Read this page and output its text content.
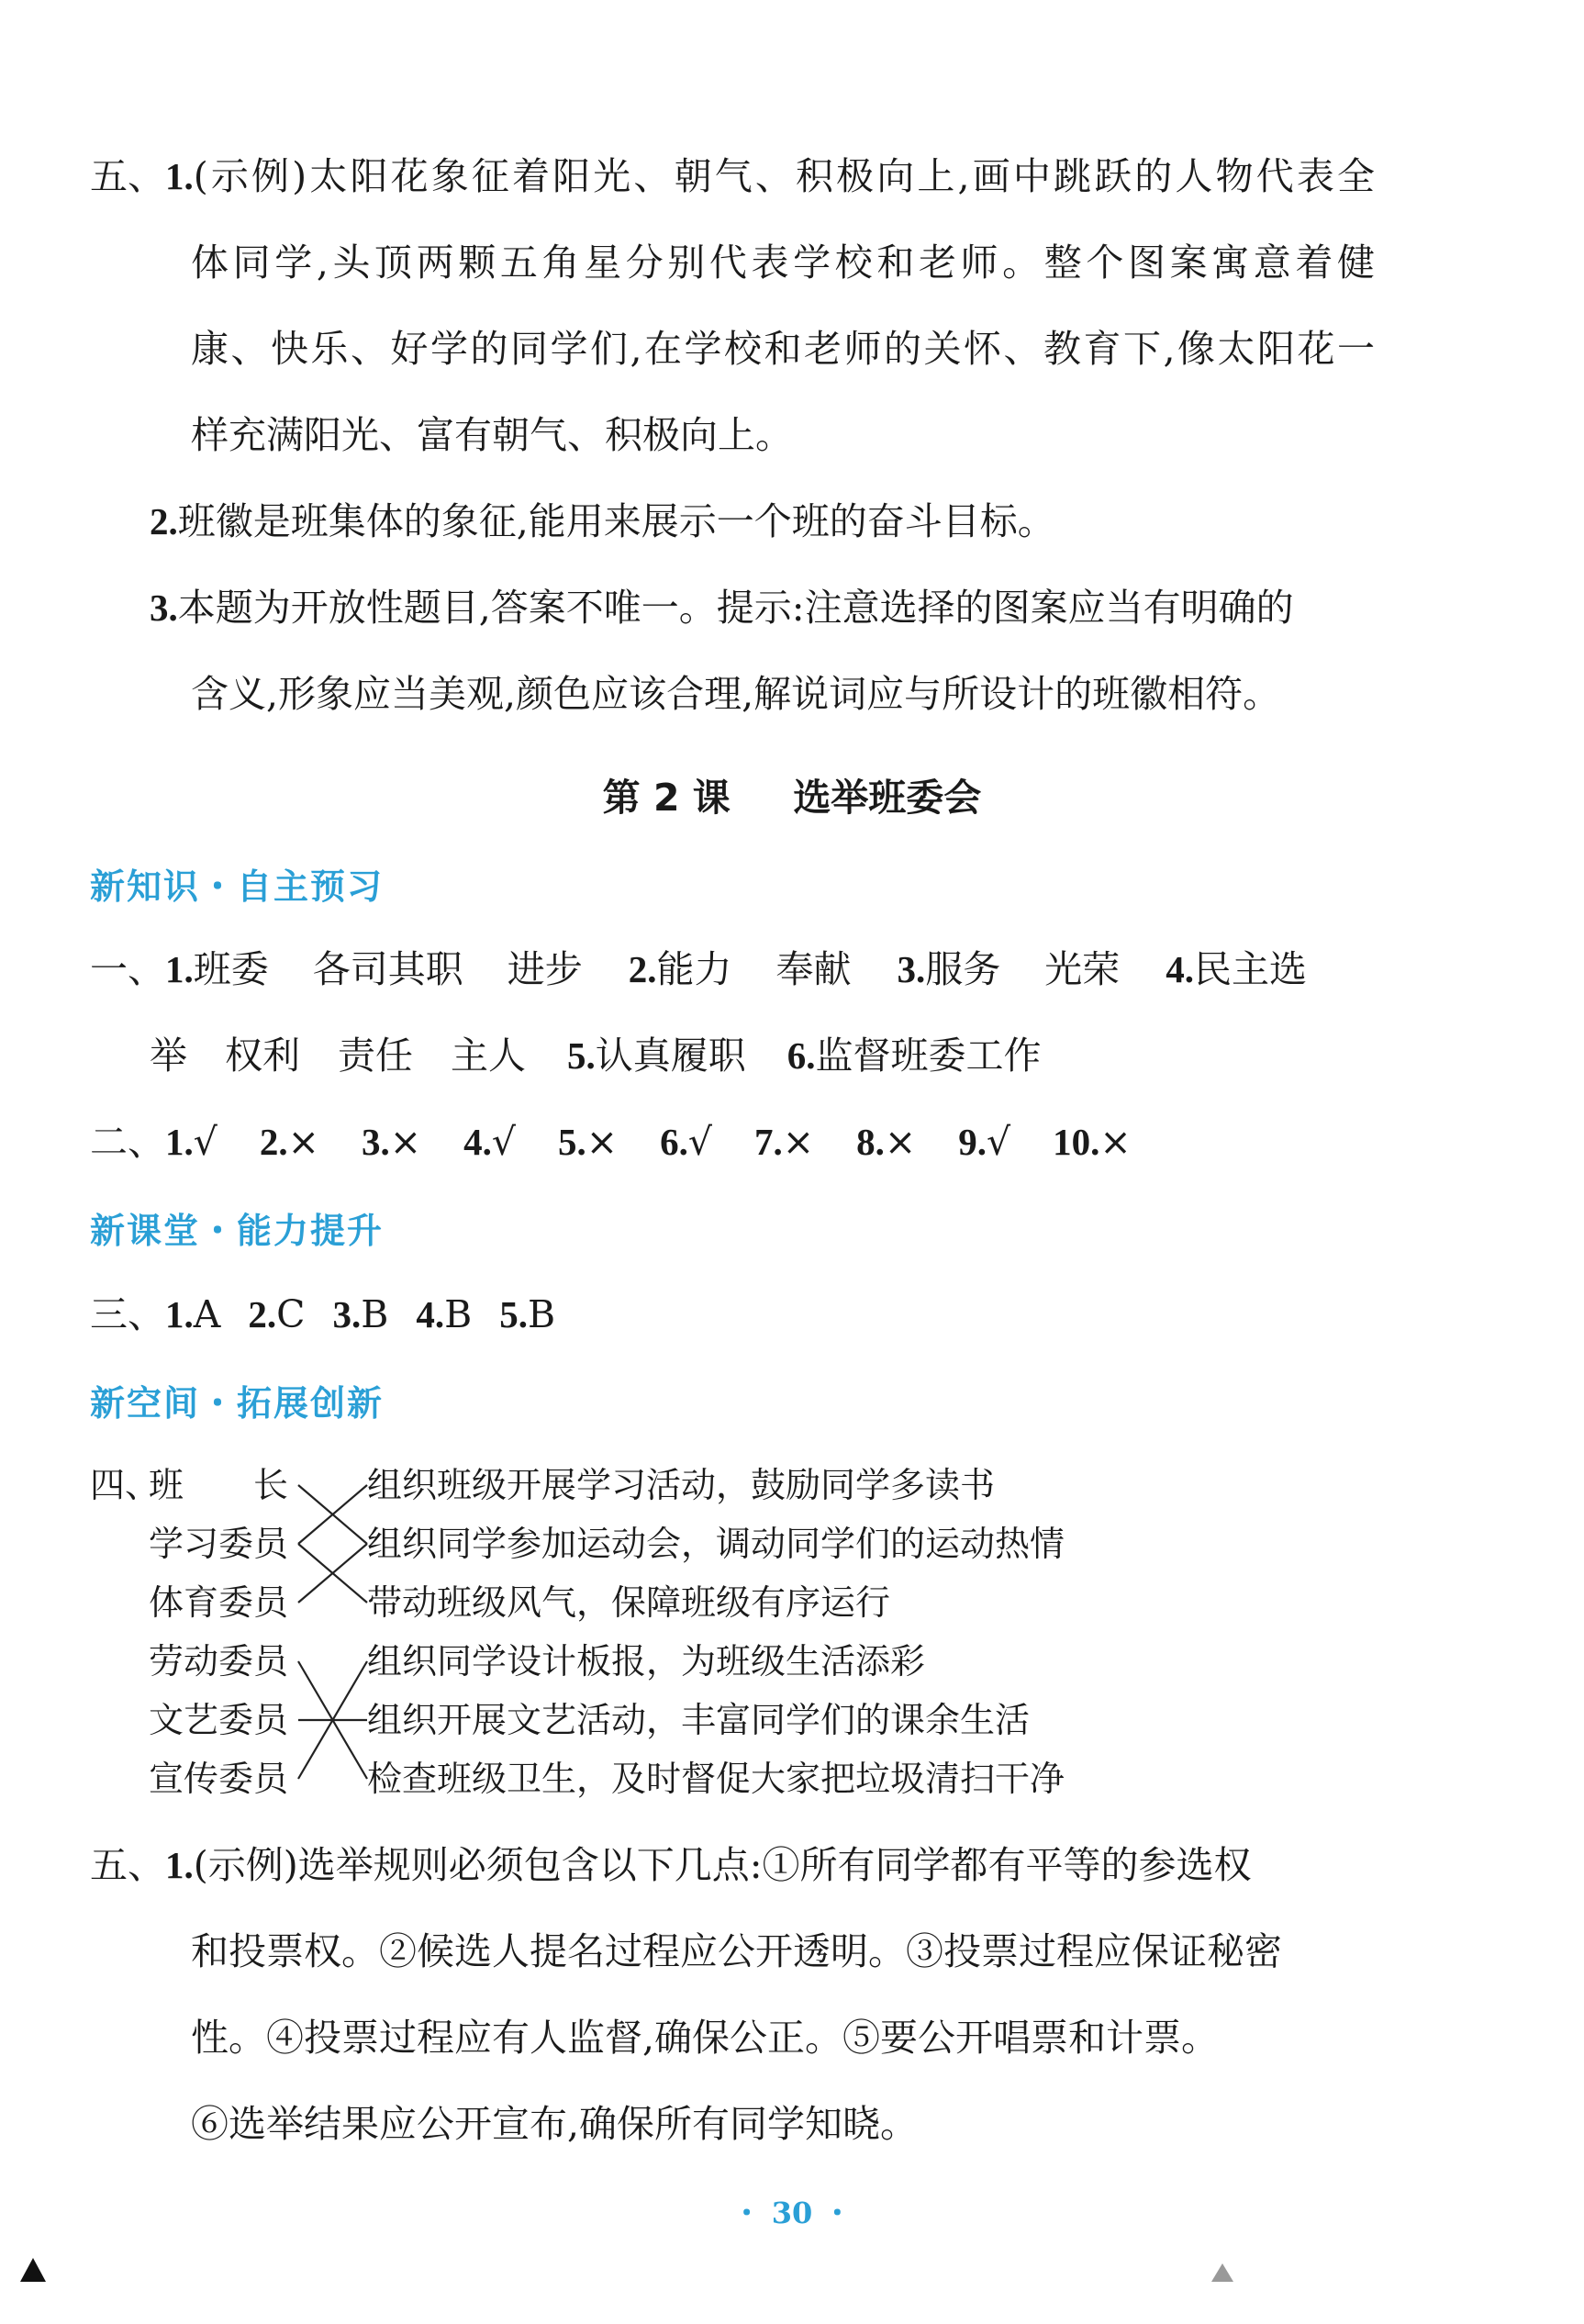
五、1. (示例)太阳花象征着阳光、朝气、积极向上,画中跳跃的人物代表全
体同学,头顶两颗五角星分别代表学校和老师。整个图案寓意着健
康、快乐、好学的同学们,在学校和老师的关怀、教育下,像太阳花一
样充满阳光、富有朝气、积极向上。
2.班徽是班集体的象征,能用来展示一个班的奋斗目标。
3.本题为开放性题目,答案不唯一。提示:注意选择的图案应当有明确的
含义,形象应当美观,颜色应该合理,解说词应与所设计的班徽相符。
第 2 课 选举班委会
新知识・自主预习
一、1.班委 各司其职 进步 2.能力 奉献 3.服务 光荣 4.民主选
举　权利　责任　主人 5.认真履职 6.监督班委工作
二、1.√ 2.× 3.× 4.√ 5.× 6.√ 7.× 8.× 9.√ 10.×
新课堂・能力提升
三、1.A 2.C 3.B 4.B 5.B
新空间・拓展创新
四、
班　　长
学习委员
体育委员
劳动委员
文艺委员
宣传委员
组织班级开展学习活动，鼓励同学多读书
组织同学参加运动会，调动同学们的运动热情
带动班级风气，保障班级有序运行
组织同学设计板报，为班级生活添彩
组织开展文艺活动，丰富同学们的课余生活
检查班级卫生，及时督促大家把垃圾清扫干净
五、1.(示例)选举规则必须包含以下几点:①所有同学都有平等的参选权
和投票权。②候选人提名过程应公开透明。③投票过程应保证秘密
性。④投票过程应有人监督,确保公正。⑤要公开唱票和计票。
⑥选举结果应公开宣布,确保所有同学知晓。
・ 30 ・
